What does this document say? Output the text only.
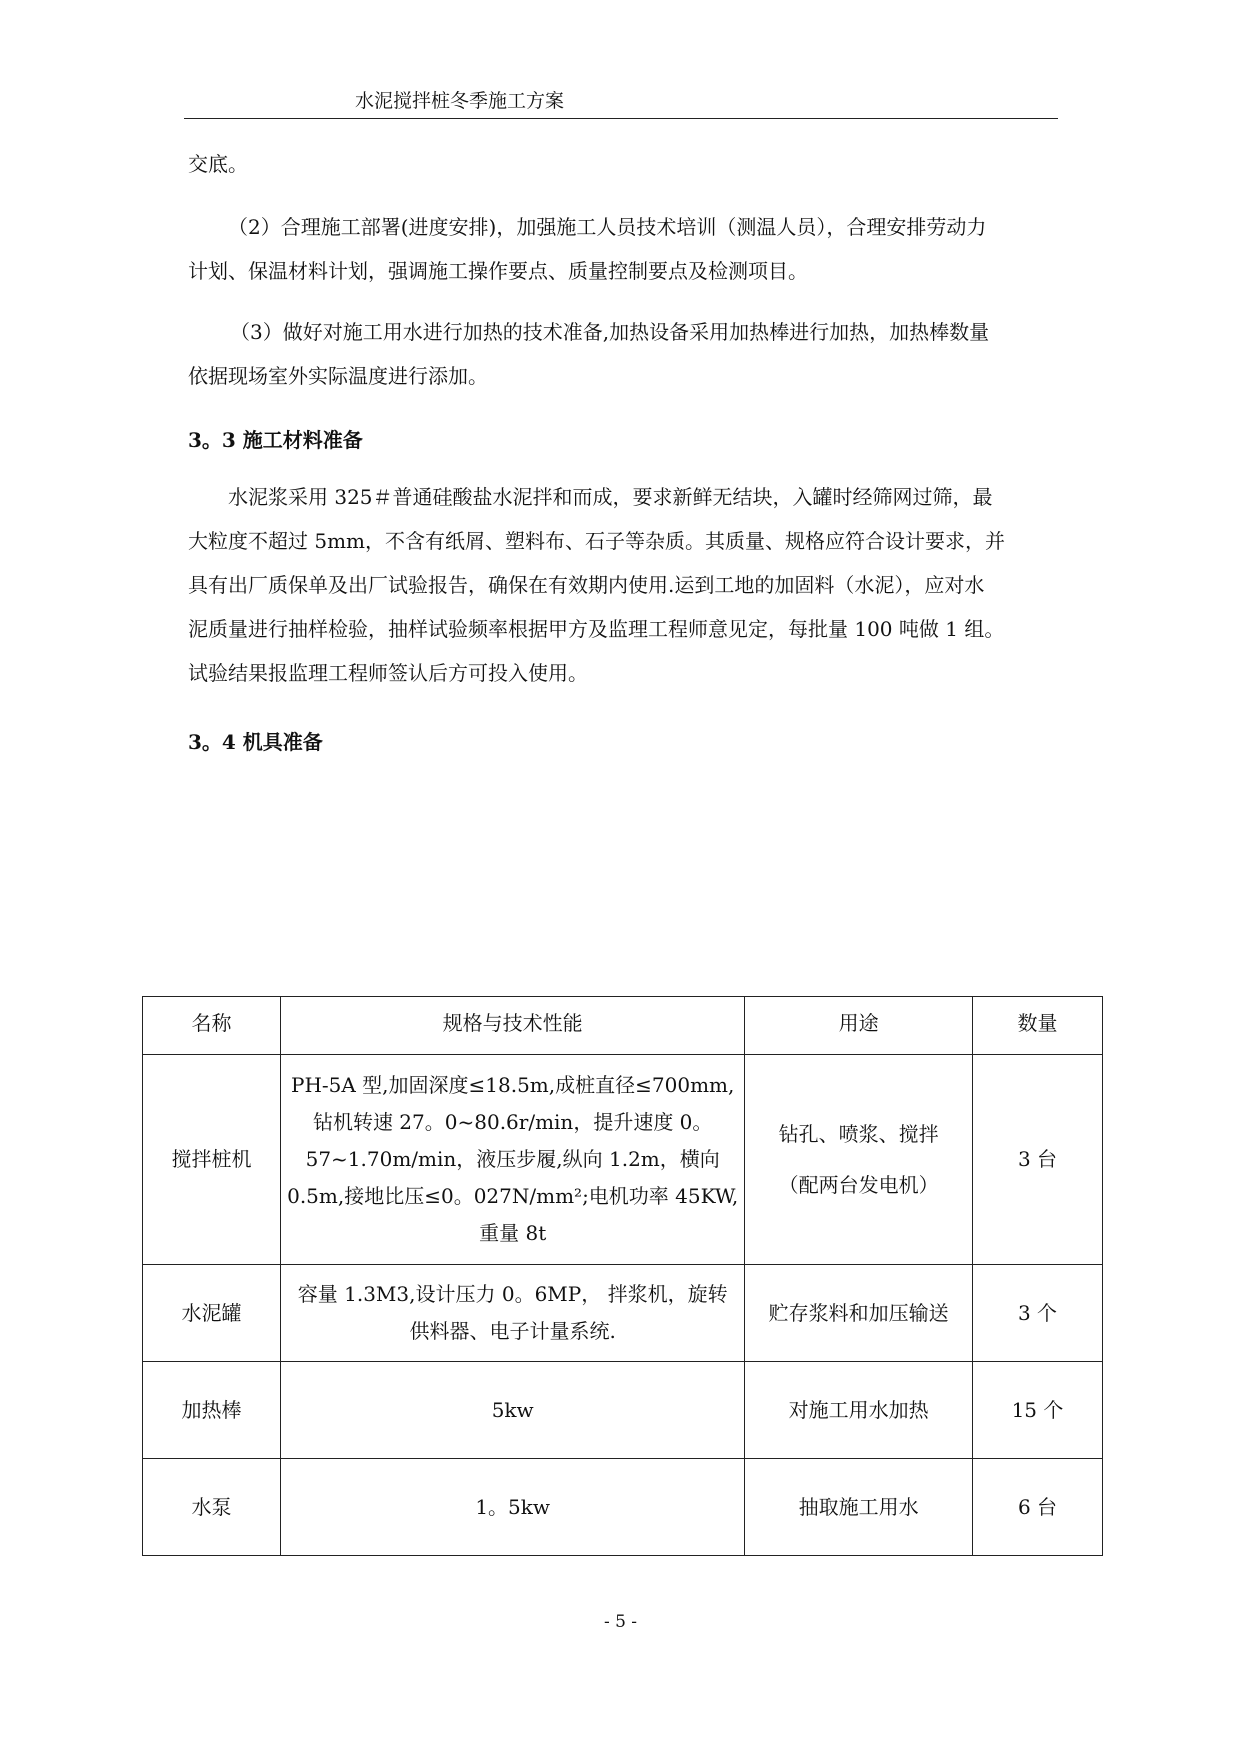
水泥搅拌桩冬季施工方案

交底。

（2）合理施工部署(进度安排)，加强施工人员技术培训（测温人员），合理安排劳动力
计划、保温材料计划，强调施工操作要点、质量控制要点及检测项目。

（3）做好对施工用水进行加热的技术准备,加热设备采用加热棒进行加热，加热棒数量
依据现场室外实际温度进行添加。

3。3 施工材料准备

水泥浆采用 325＃普通硅酸盐水泥拌和而成，要求新鲜无结块，入罐时经筛网过筛，最
大粒度不超过 5mm，不含有纸屑、塑料布、石子等杂质。其质量、规格应符合设计要求，并
具有出厂质保单及出厂试验报告，确保在有效期内使用.运到工地的加固料（水泥），应对水
泥质量进行抽样检验，抽样试验频率根据甲方及监理工程师意见定，每批量 100 吨做 1 组。
试验结果报监理工程师签认后方可投入使用。

3。4 机具准备
名称	规格与技术性能	用途	数量
搅拌桩机	PH-5A 型,加固深度≤18.5m,成桩直径≤700mm,
钻机转速 27。0~80.6r/min，提升速度 0。
57~1.70m/min，液压步履,纵向 1.2m，横向
0.5m,接地比压≤0。027N/mm²;电机功率 45KW,
重量 8t	钻孔、喷浆、搅拌
（配两台发电机）	3 台
水泥罐	容量 1.3M3,设计压力 0。6MP， 拌浆机，旋转
供料器、电子计量系统.	贮存浆料和加压输送	3 个
加热棒	5kw	对施工用水加热	15 个
水泵	1。5kw	抽取施工用水	6 台
- 5 -
